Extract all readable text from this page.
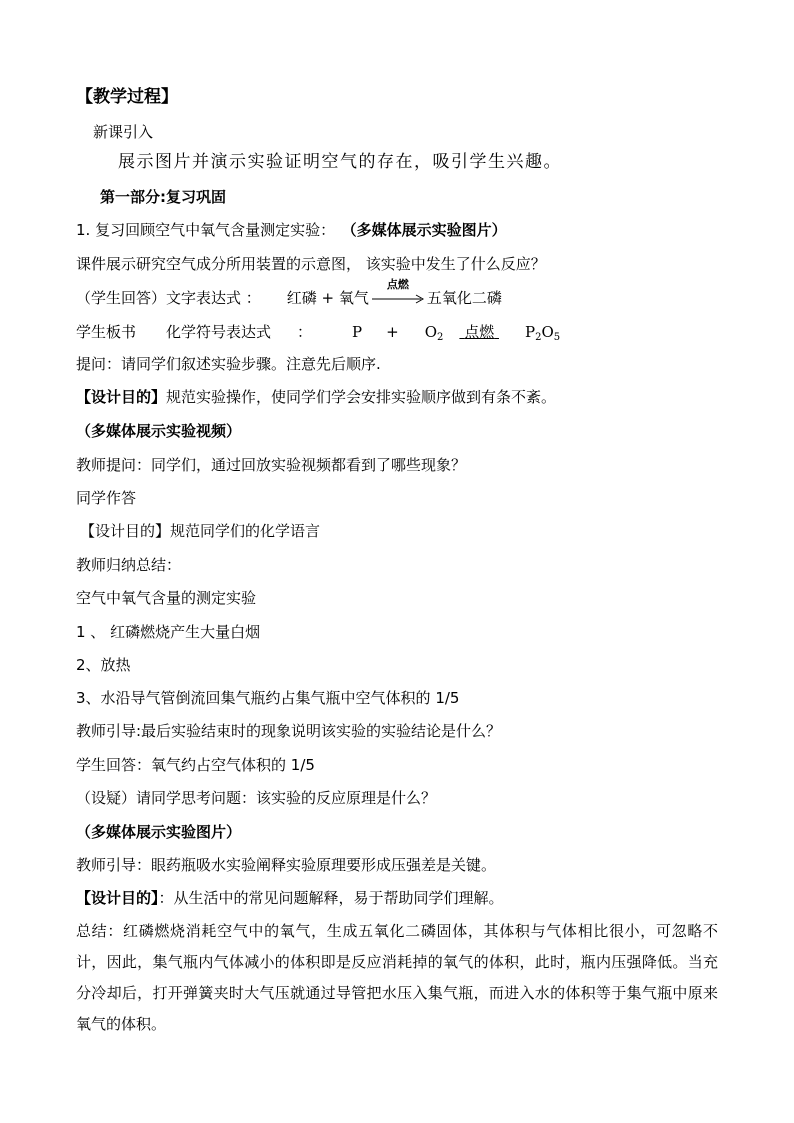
【教学过程】
新课引入
展示图片并演示实验证明空气的存在，吸引学生兴趣。
第一部分:复习巩固
1. 复习回顾空气中氧气含量测定实验： （多媒体展示实验图片）
课件展示研究空气成分所用装置的示意图， 该实验中发生了什么反应？
（学生回答）文字表达式 ： 红磷 + 氧气
点燃
五氧化二磷
学生板书 化学符号表达式 ：	$P + O_2$ 点燃 $P_2O_5$
提问：请同学们叙述实验步骤。注意先后顺序.
【设计目的】规范实验操作，使同学们学会安排实验顺序做到有条不紊。
（多媒体展示实验视频）
教师提问：同学们，通过回放实验视频都看到了哪些现象？
同学作答
【设计目的】规范同学们的化学语言
教师归纳总结：
空气中氧气含量的测定实验
1 、 红磷燃烧产生大量白烟
2、放热
3、水沿导气管倒流回集气瓶约占集气瓶中空气体积的 1/5
教师引导:最后实验结束时的现象说明该实验的实验结论是什么？
学生回答：氧气约占空气体积的 1/5
（设疑）请同学思考问题：该实验的反应原理是什么？
（多媒体展示实验图片）
教师引导：眼药瓶吸水实验阐释实验原理要形成压强差是关键。
【设计目的】：从生活中的常见问题解释，易于帮助同学们理解。
总结：红磷燃烧消耗空气中的氧气，生成五氧化二磷固体，其体积与气体相比很小，可忽略不计，因此，集气瓶内气体减小的体积即是反应消耗掉的氧气的体积，此时，瓶内压强降低。当充分冷却后，打开弹簧夹时大气压就通过导管把水压入集气瓶，而进入水的体积等于集气瓶中原来氧气的体积。
